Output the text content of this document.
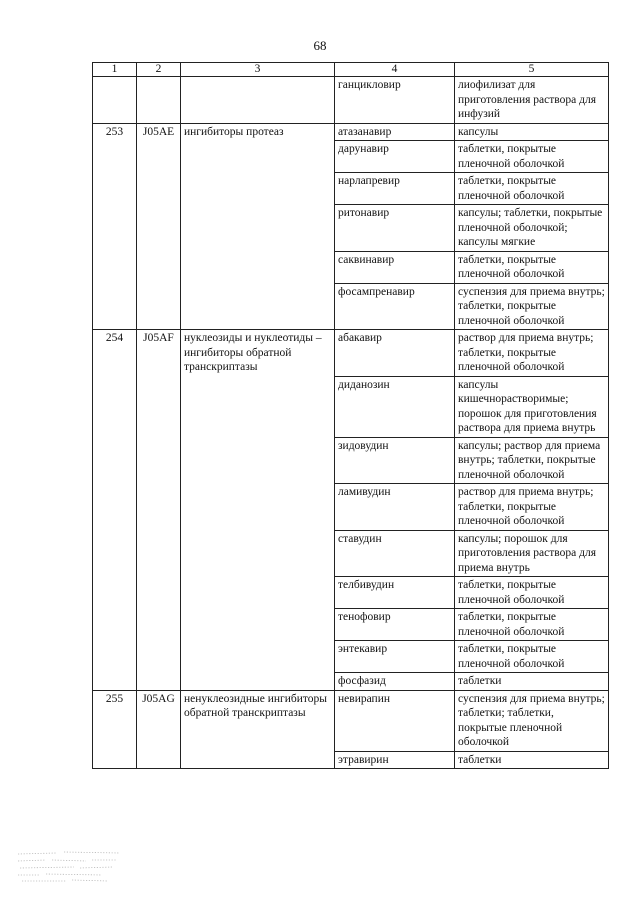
68
1	2	3	4	5
			ганцикловир	лиофилизат для приготовления раствора для инфузий
253	J05AE	ингибиторы протеаз	атазанавир	капсулы
			дарунавир	таблетки, покрытые пленочной оболочкой
			нарлапревир	таблетки, покрытые пленочной оболочкой
			ритонавир	капсулы; таблетки, покрытые пленочной оболочкой; капсулы мягкие
			саквинавир	таблетки, покрытые пленочной оболочкой
			фосампренавир	суспензия для приема внутрь; таблетки, покрытые пленочной оболочкой
254	J05AF	нуклеозиды и нуклеотиды – ингибиторы обратной транскриптазы	абакавир	раствор для приема внутрь; таблетки, покрытые пленочной оболочкой
			диданозин	капсулы кишечнорастворимые; порошок для приготовления раствора для приема внутрь
			зидовудин	капсулы; раствор для приема внутрь; таблетки, покрытые пленочной оболочкой
			ламивудин	раствор для приема внутрь; таблетки, покрытые пленочной оболочкой
			ставудин	капсулы; порошок для приготовления раствора для приема внутрь
			телбивудин	таблетки, покрытые пленочной оболочкой
			тенофовир	таблетки, покрытые пленочной оболочкой
			энтекавир	таблетки, покрытые пленочной оболочкой
			фосфазид	таблетки
255	J05AG	ненуклеозидные ингибиторы обратной транскриптазы	невирапин	суспензия для приема внутрь; таблетки; таблетки, покрытые пленочной оболочкой
			этравирин	таблетки
